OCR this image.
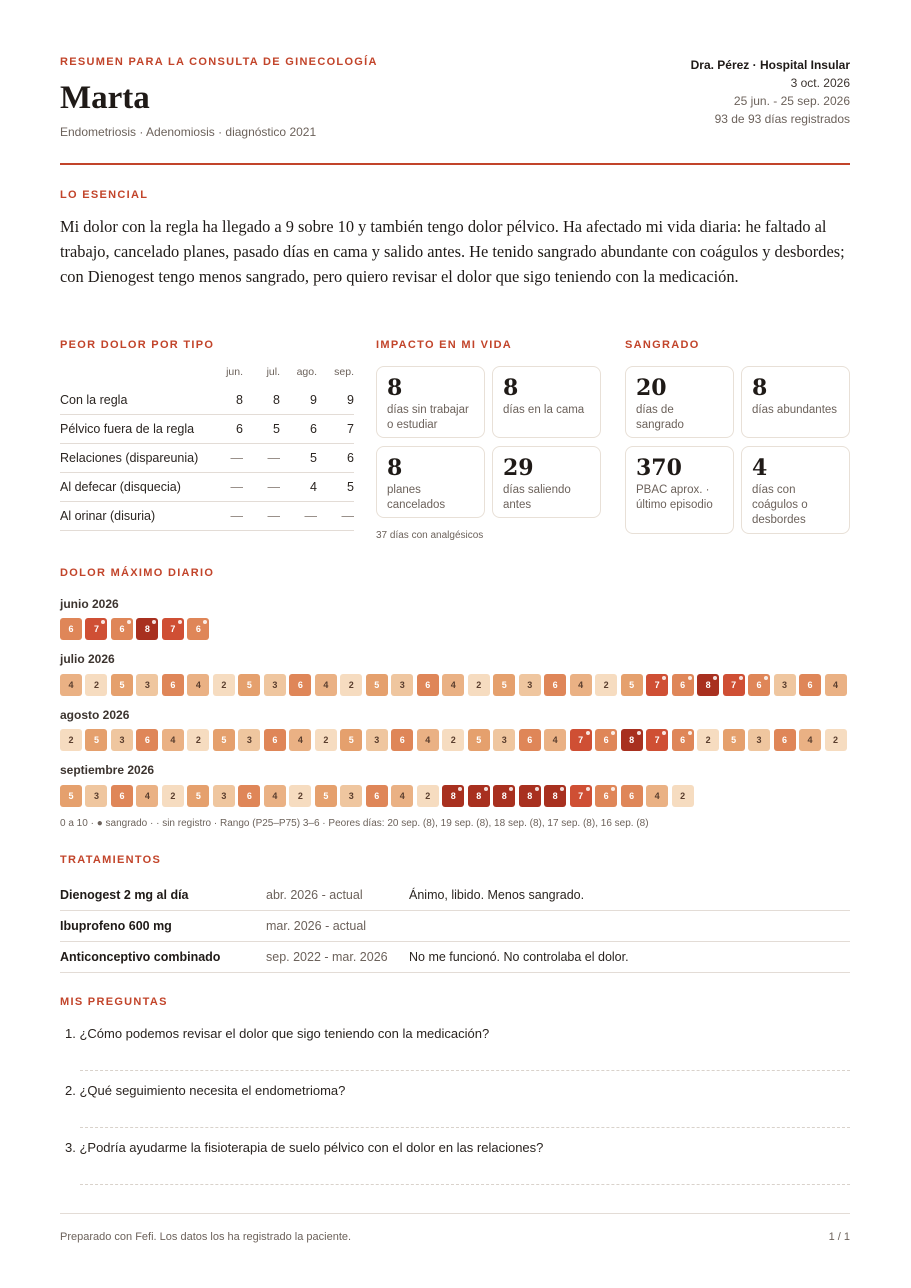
RESUMEN PARA LA CONSULTA DE GINECOLOGÍA
Marta
Endometriosis · Adenomiosis · diagnóstico 2021
Dra. Pérez · Hospital Insular
3 oct. 2026
25 jun. - 25 sep. 2026
93 de 93 días registrados
LO ESENCIAL
Mi dolor con la regla ha llegado a 9 sobre 10 y también tengo dolor pélvico. Ha afectado mi vida diaria: he faltado al trabajo, cancelado planes, pasado días en cama y salido antes. He tenido sangrado abundante con coágulos y desbordes; con Dienogest tengo menos sangrado, pero quiero revisar el dolor que sigo teniendo con la medicación.
PEOR DOLOR POR TIPO
jun.	jul.	ago.	sep.
Con la regla	8	8	9	9
Pélvico fuera de la regla	6	5	6	7
Relaciones (dispareunia)	—	—	5	6
Al defecar (disquecia)	—	—	4	5
Al orinar (disuria)	—	—	—	—
IMPACTO EN MI VIDA
8
días sin trabajar o estudiar
8
días en la cama
8
planes cancelados
29
días saliendo antes
37 días con analgésicos
SANGRADO
20
días de sangrado
8
días abundantes
370
PBAC aprox. · último episodio
4
días con coágulos o desbordes
DOLOR MÁXIMO DIARIO
junio 2026
6	7	6	8	7	6
julio 2026
4	2	5	3	6	4	2	5	3	6	4	2	5	3	6	4	2	5	3	6	4	2	5	7	6	8	7	6	3	6	4
agosto 2026
2	5	3	6	4	2	5	3	6	4	2	5	3	6	4	2	5	3	6	4	7	6	8	7	6	2	5	3	6	4	2
septiembre 2026
5	3	6	4	2	5	3	6	4	2	5	3	6	4	2	8	8	8	8	8	7	6	6	4	2
0 a 10 · ● sangrado · · sin registro · Rango (P25–P75) 3–6 · Peores días: 20 sep. (8), 19 sep. (8), 18 sep. (8), 17 sep. (8), 16 sep. (8)
TRATAMIENTOS
Dienogest 2 mg al día	abr. 2026 - actual	Ánimo, libido. Menos sangrado.
Ibuprofeno 600 mg	mar. 2026 - actual
Anticonceptivo combinado	sep. 2022 - mar. 2026	No me funcionó. No controlaba el dolor.
MIS PREGUNTAS
1. ¿Cómo podemos revisar el dolor que sigo teniendo con la medicación?
2. ¿Qué seguimiento necesita el endometrioma?
3. ¿Podría ayudarme la fisioterapia de suelo pélvico con el dolor en las relaciones?
Preparado con Fefi. Los datos los ha registrado la paciente.	1 / 1
